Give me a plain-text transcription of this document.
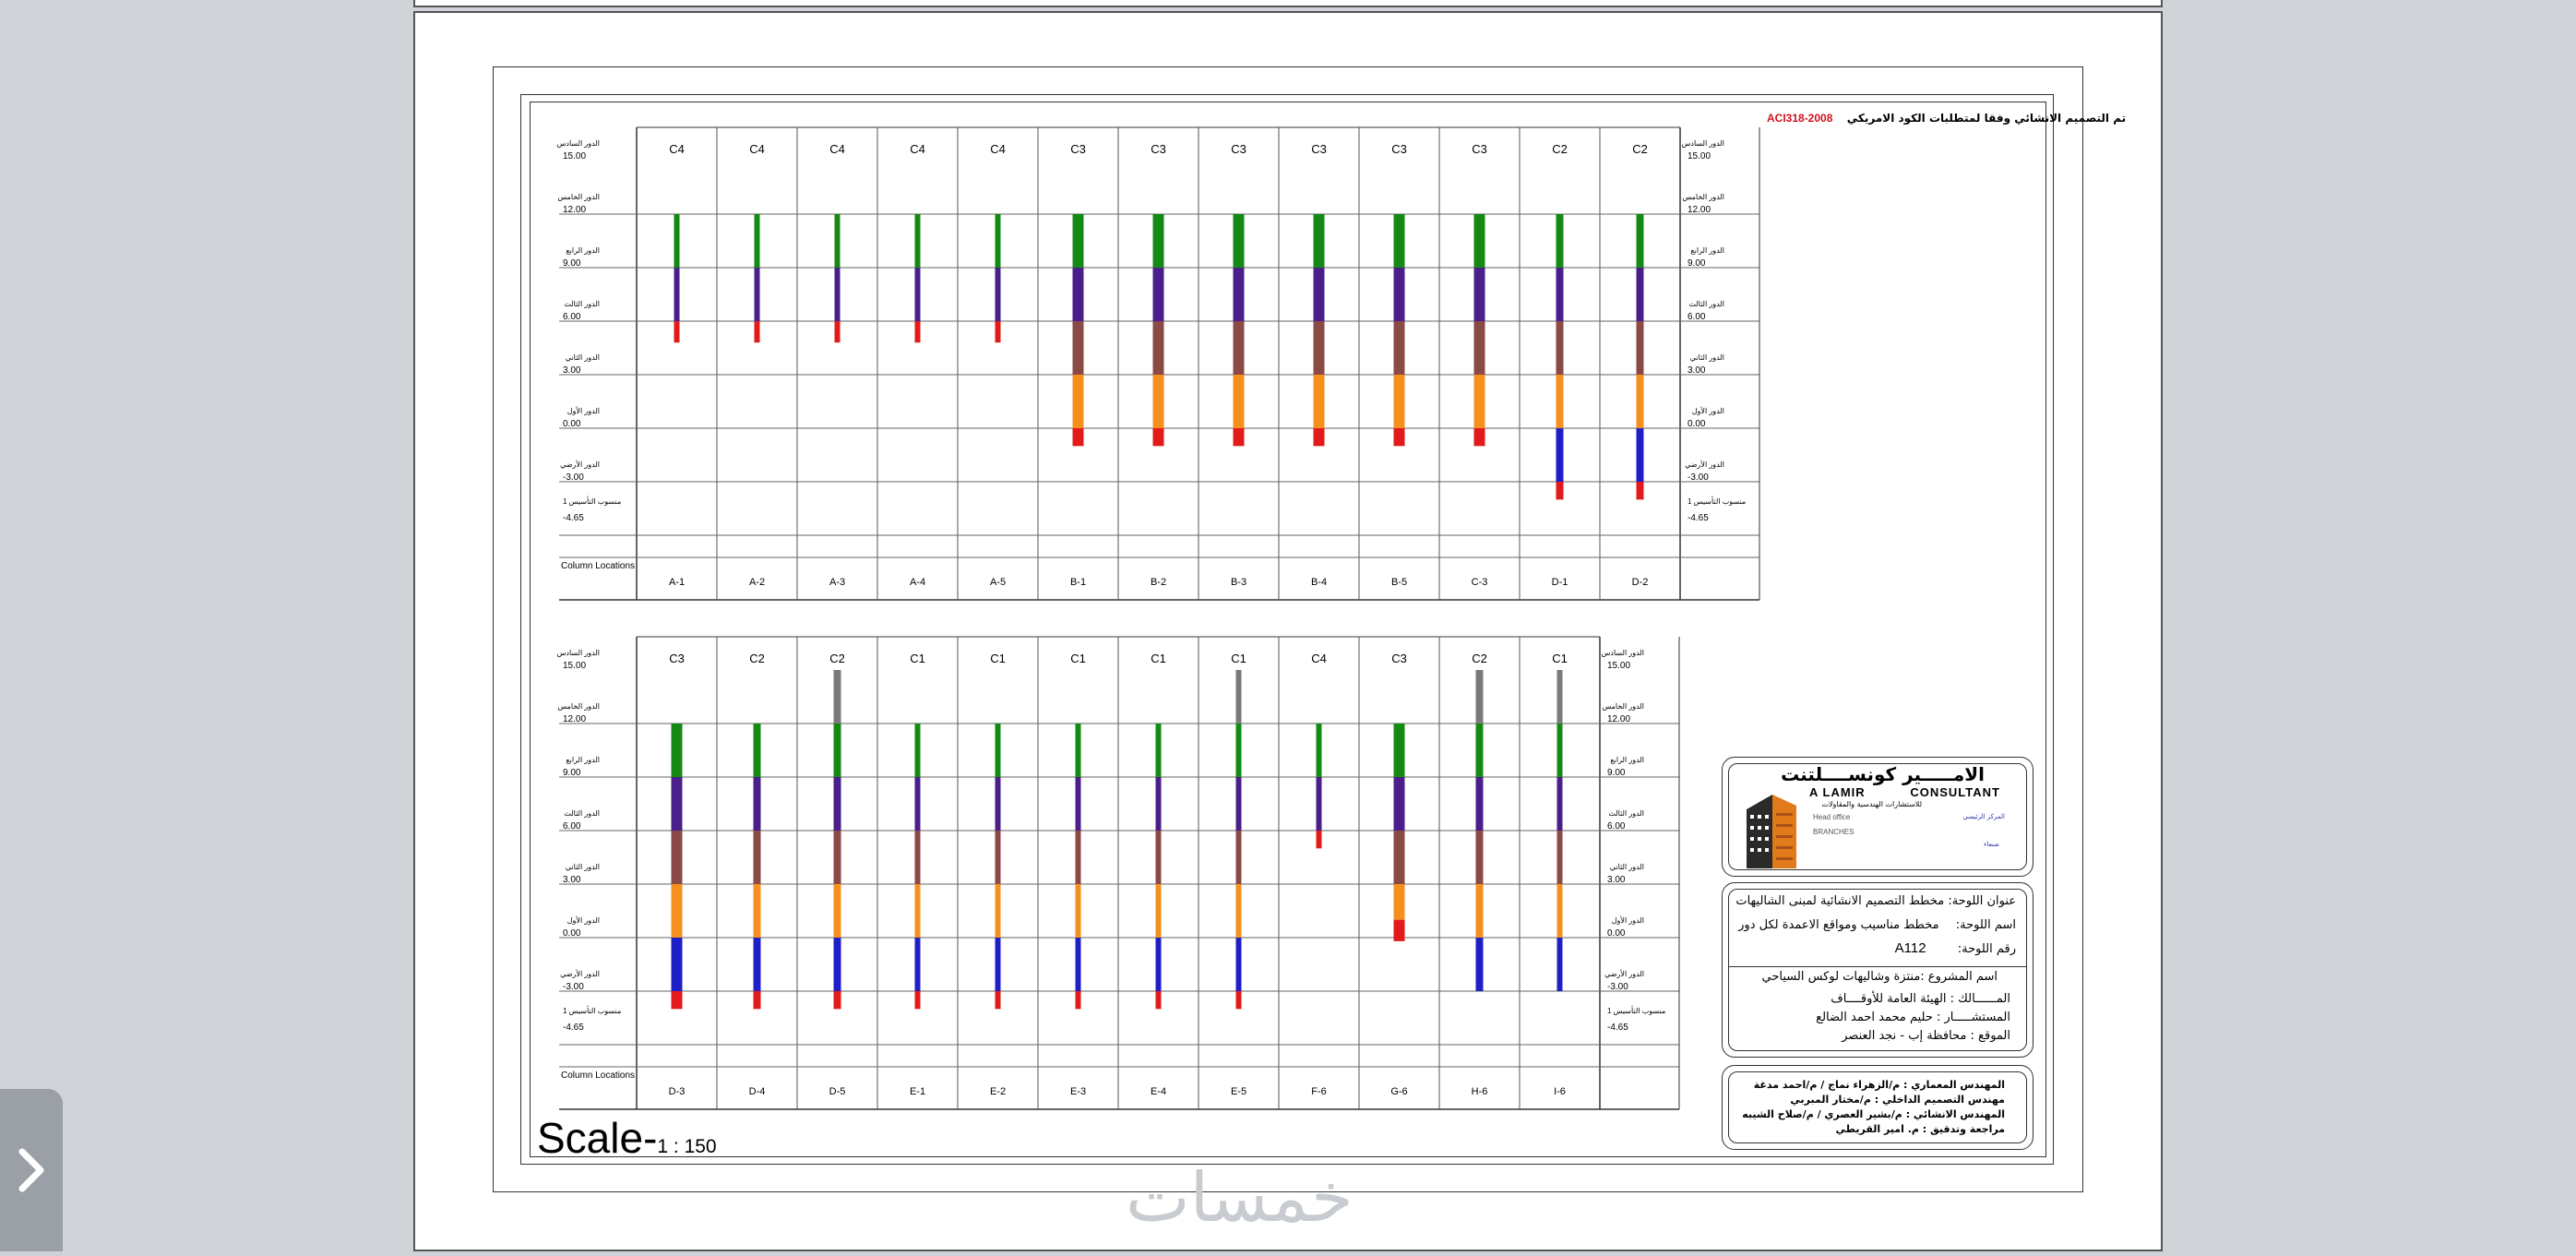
ACI318-2008 تم التصميم الانشائي وفقا لمتطلبات الكود الامريكي
الدور السادس
15.00
الدور السادس
15.00
الدور الخامس
12.00
الدور الخامس
12.00
الدور الرابع
9.00
الدور الرابع
9.00
الدور الثالث
6.00
الدور الثالث
6.00
الدور الثاني
3.00
الدور الثاني
3.00
الدور الأول
0.00
الدور الأول
0.00
الدور الأرضي
-3.00
الدور الأرضي
-3.00
منسوب التأسيس 1
-4.65
منسوب التأسيس 1
-4.65
Column Locations
C4
A-1
C4
A-2
C4
A-3
C4
A-4
C4
A-5
C3
B-1
C3
B-2
C3
B-3
C3
B-4
C3
B-5
C3
C-3
C2
D-1
C2
D-2
الدور السادس
15.00
الدور السادس
15.00
الدور الخامس
12.00
الدور الخامس
12.00
الدور الرابع
9.00
الدور الرابع
9.00
الدور الثالث
6.00
الدور الثالث
6.00
الدور الثاني
3.00
الدور الثاني
3.00
الدور الأول
0.00
الدور الأول
0.00
الدور الأرضي
-3.00
الدور الأرضي
-3.00
منسوب التأسيس 1
-4.65
منسوب التأسيس 1
-4.65
Column Locations
C3
D-3
C2
D-4
C2
D-5
C1
E-1
C1
E-2
C1
E-3
C1
E-4
C1
E-5
C4
F-6
C3
G-6
C2
H-6
C1
I-6
Scale-1 : 150
الامـــــير كونســــلتنت
A LAMIR	CONSULTANT
للاستشارات الهندسية والمقاولات
Head office
BRANCHES
المركز الرئيسي
صنعاء
عنوان اللوحة: مخطط التصميم الانشائية لمبنى الشاليهات
اسم اللوحة: مخطط مناسيب ومواقع الاعمدة لكل دور
رقم اللوحة: A112
اسم المشروع :منتزة وشاليهات لوكس السياحي
المــــــالك : الهيئة العامة للأوقــــاف
المستشـــــار : حليم محمد احمد الضالع
الموقع : محافظة إب - نجد العنصر
المهندس المعماري : م/الزهراء نماج / م/احمد مدغة
مهندس التصميم الداخلي : م/مختار المبربي
المهندس الانشائي : م/بشير العصري / م/صلاح الشيبه
مراجعة وتدقيق : م. امير القريطي
خمسات
